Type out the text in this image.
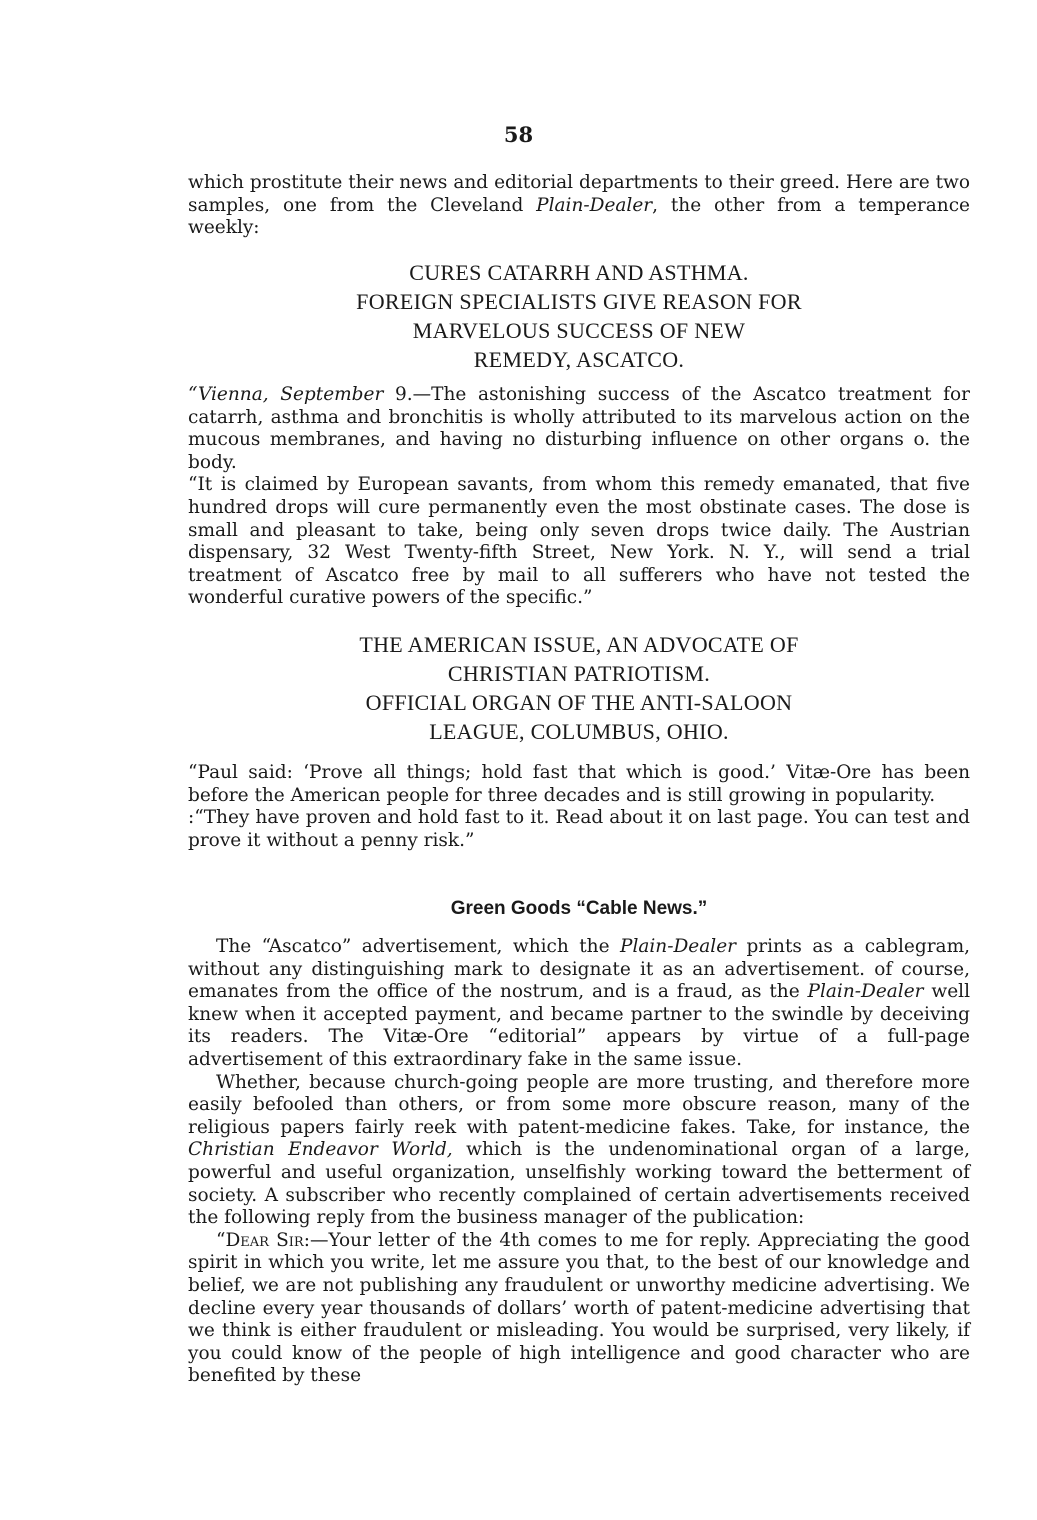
58

which prostitute their news and editorial departments to their greed. Here are two samples, one from the Cleveland Plain-Dealer, the other from a temperance weekly:

CURES CATARRH AND ASTHMA.
FOREIGN SPECIALISTS GIVE REASON FOR
MARVELOUS SUCCESS OF NEW
REMEDY, ASCATCO.

“Vienna, September 9.—The astonishing success of the Ascatco treatment for catarrh, asthma and bronchitis is wholly attributed to its marvelous action on the mucous membranes, and having no disturbing influence on other organs o. the body.

“It is claimed by European savants, from whom this remedy emanated, that five hundred drops will cure permanently even the most obstinate cases. The dose is small and pleasant to take, being only seven drops twice daily. The Austrian dispensary, 32 West Twenty-fifth Street, New York. N. Y., will send a trial treatment of Ascatco free by mail to all sufferers who have not tested the wonderful curative powers of the specific.”

THE AMERICAN ISSUE, AN ADVOCATE OF
CHRISTIAN PATRIOTISM.
OFFICIAL ORGAN OF THE ANTI-SALOON
LEAGUE, COLUMBUS, OHIO.

“Paul said: ‘Prove all things; hold fast that which is good.’ Vitæ-Ore has been before the American people for three decades and is still growing in popularity.

:“They have proven and hold fast to it. Read about it on last page. You can test and prove it without a penny risk.”

Green Goods “Cable News.”

The “Ascatco” advertisement, which the Plain-Dealer prints as a cablegram, without any distinguishing mark to designate it as an advertisement. of course, emanates from the office of the nostrum, and is a fraud, as the Plain-Dealer well knew when it accepted payment, and became partner to the swindle by deceiving its readers. The Vitæ-Ore “editorial” appears by virtue of a full-page advertisement of this extraordinary fake in the same issue.

Whether, because church-going people are more trusting, and therefore more easily befooled than others, or from some more obscure reason, many of the religious papers fairly reek with patent-medicine fakes. Take, for instance, the Christian Endeavor World, which is the undenominational organ of a large, powerful and useful organization, unselfishly working toward the betterment of society. A subscriber who recently complained of certain advertisements received the following reply from the business manager of the publication:

“Dear Sir:—Your letter of the 4th comes to me for reply. Appreciating the good spirit in which you write, let me assure you that, to the best of our knowledge and belief, we are not publishing any fraudulent or unworthy medicine advertising. We decline every year thousands of dollars’ worth of patent-medicine advertising that we think is either fraudulent or misleading. You would be surprised, very likely, if you could know of the people of high intelligence and good character who are benefited by these
